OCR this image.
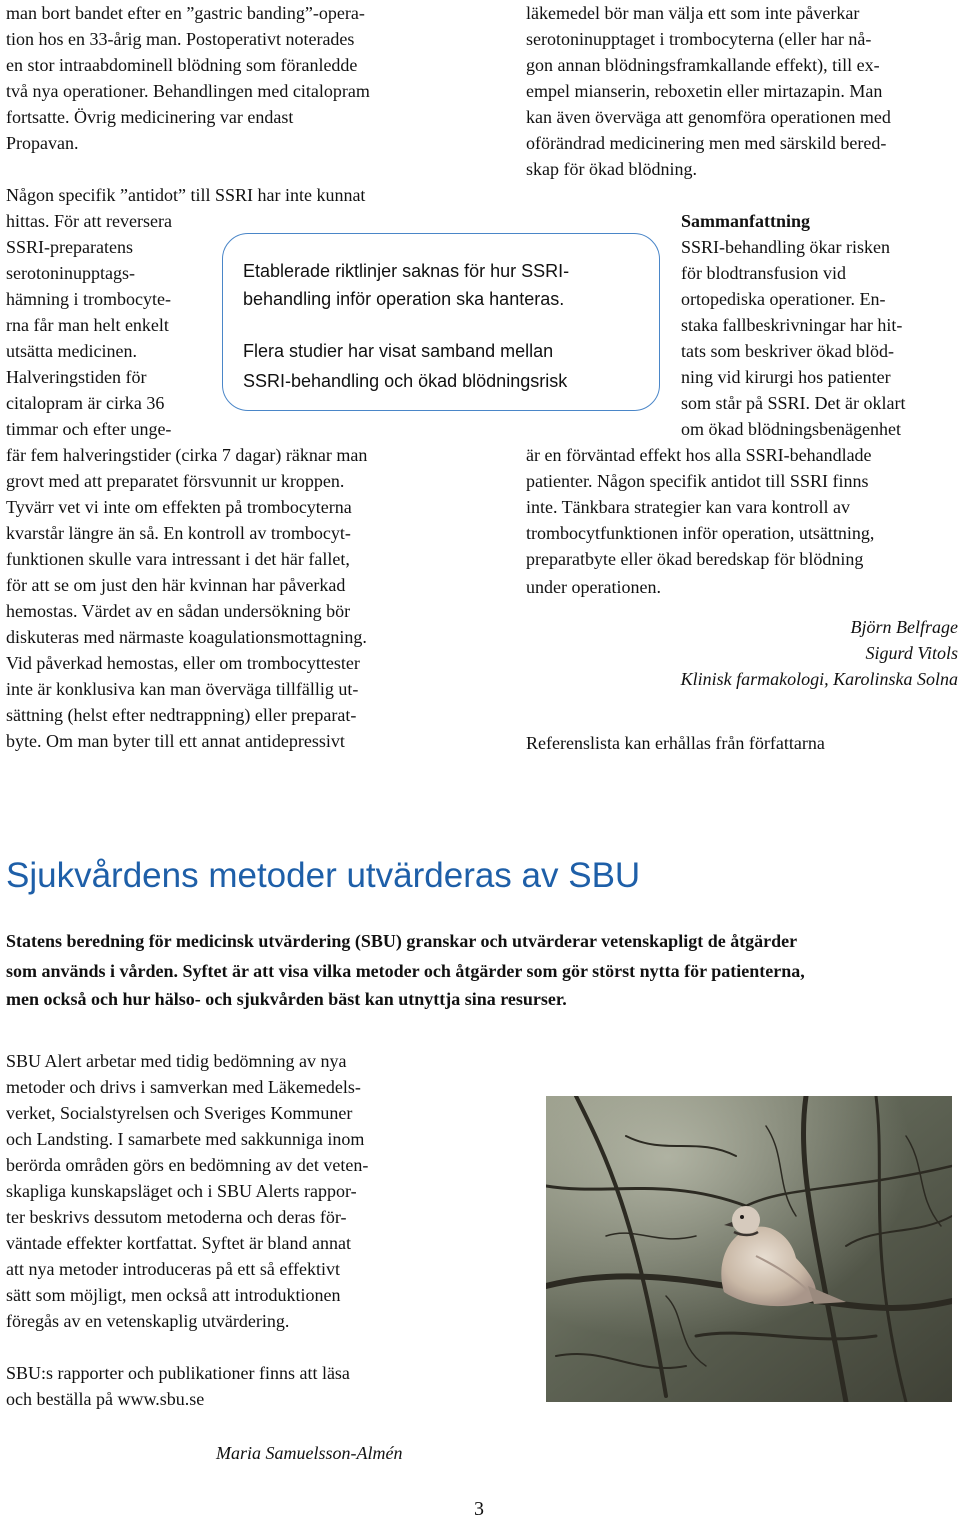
man bort bandet efter en ”gastric banding”-opera-
tion hos en 33-årig man. Postoperativt noterades
en stor intraabdominell blödning som föranledde
två nya operationer. Behandlingen med citalopram
fortsatte. Övrig medicinering var endast
Propavan.
Någon specifik ”antidot” till SSRI har inte kunnat
hittas. För att reversera
SSRI-preparatens
serotoninupptags-
hämning i trombocyte-
rna får man helt enkelt
utsätta medicinen.
Halveringstiden för
citalopram är cirka 36
timmar och efter unge-
fär fem halveringstider (cirka 7 dagar) räknar man
grovt med att preparatet försvunnit ur kroppen.
Tyvärr vet vi inte om effekten på trombocyterna
kvarstår längre än så. En kontroll av trombocyt-
funktionen skulle vara intressant i det här fallet,
för att se om just den här kvinnan har påverkad
hemostas. Värdet av en sådan undersökning bör
diskuteras med närmaste koagulationsmottagning.
Vid påverkad hemostas, eller om trombocyttester
inte är konklusiva kan man överväga tillfällig ut-
sättning (helst efter nedtrappning) eller preparat-
byte. Om man byter till ett annat antidepressivt
läkemedel bör man välja ett som inte påverkar
serotoninupptaget i trombocyterna (eller har nå-
gon annan blödningsframkallande effekt), till ex-
empel mianserin, reboxetin eller mirtazapin. Man
kan även överväga att genomföra operationen med
oförändrad medicinering men med särskild bered-
skap för ökad blödning.
Sammanfattning
SSRI-behandling ökar risken
för blodtransfusion vid
ortopediska operationer. En-
staka fallbeskrivningar har hit-
tats som beskriver ökad blöd-
ning vid kirurgi hos patienter
som står på SSRI. Det är oklart
om ökad blödningsbenägenhet
är en förväntad effekt hos alla SSRI-behandlade
patienter. Någon specifik antidot till SSRI finns
inte. Tänkbara strategier kan vara kontroll av
trombocytfunktionen inför operation, utsättning,
preparatbyte eller ökad beredskap för blödning
under operationen.
Björn Belfrage
Sigurd Vitols
Klinisk farmakologi, Karolinska Solna
Referenslista kan erhållas från författarna
Etablerade riktlinjer saknas för hur SSRI-
behandling inför operation ska hanteras.
Flera studier har visat samband mellan
SSRI-behandling och ökad blödningsrisk
Sjukvårdens metoder utvärderas av SBU
Statens beredning för medicinsk utvärdering (SBU) granskar och utvärderar vetenskapligt de åtgärder
som används i vården. Syftet är att visa vilka metoder och åtgärder som gör störst nytta för patienterna,
men också och hur hälso- och sjukvården bäst kan utnyttja sina resurser.
SBU Alert arbetar med tidig bedömning av nya
metoder och drivs i samverkan med Läkemedels-
verket, Socialstyrelsen och Sveriges Kommuner
och Landsting. I samarbete med sakkunniga inom
berörda områden görs en bedömning av det veten-
skapliga kunskapsläget och i SBU Alerts rappor-
ter beskrivs dessutom metoderna och deras för-
väntade effekter kortfattat. Syftet är bland annat
att nya metoder introduceras på ett så effektivt
sätt som möjligt, men också att introduktionen
föregås av en vetenskaplig utvärdering.
SBU:s rapporter och publikationer finns att läsa
och beställa på www.sbu.se
Maria Samuelsson-Almén
3
